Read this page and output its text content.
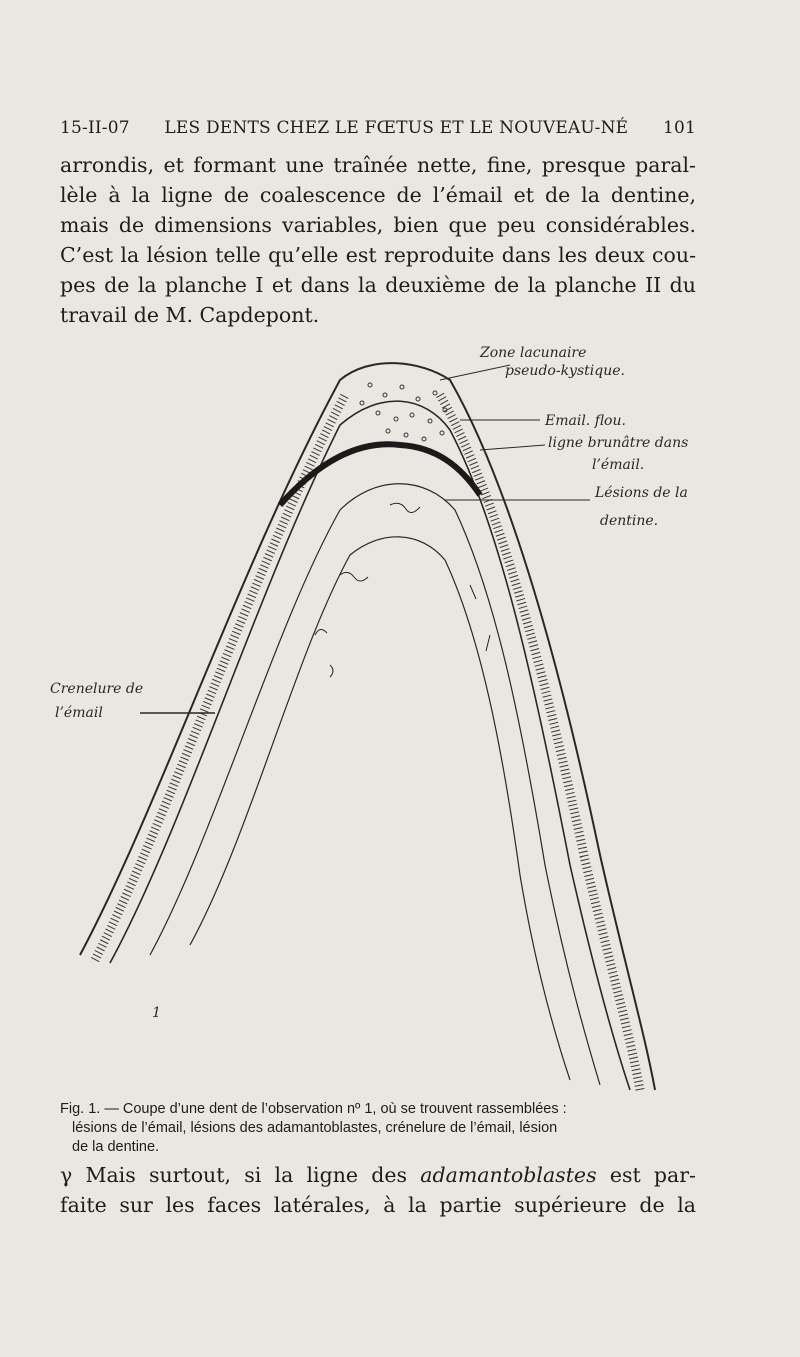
15-II-07	LES DENTS CHEZ LE FŒTUS ET LE NOUVEAU-NÉ	101

arrondis, et formant une traînée nette, fine, presque paral-
lèle à la ligne de coalescence de l’émail et de la dentine,
mais de dimensions variables, bien que peu considérables.
C’est la lésion telle qu’elle est reproduite dans les deux cou-
pes de la planche I et dans la deuxième de la planche II du
travail de M. Capdepont.

Zone lacunaire
pseudo-kystique.
Email. flou.
ligne brunâtre dans
l’émail.
Lésions de la
dentine.
Crenelure de
l’émail
1

Fig. 1. — Coupe d’une dent de l’observation nº 1, où se trouvent rassemblées :
lésions de l’émail, lésions des adamantoblastes, crénelure de l’émail, lésion
de la dentine.

γ Mais surtout, si la ligne des adamantoblastes est par-
faite sur les faces latérales, à la partie supérieure de la
